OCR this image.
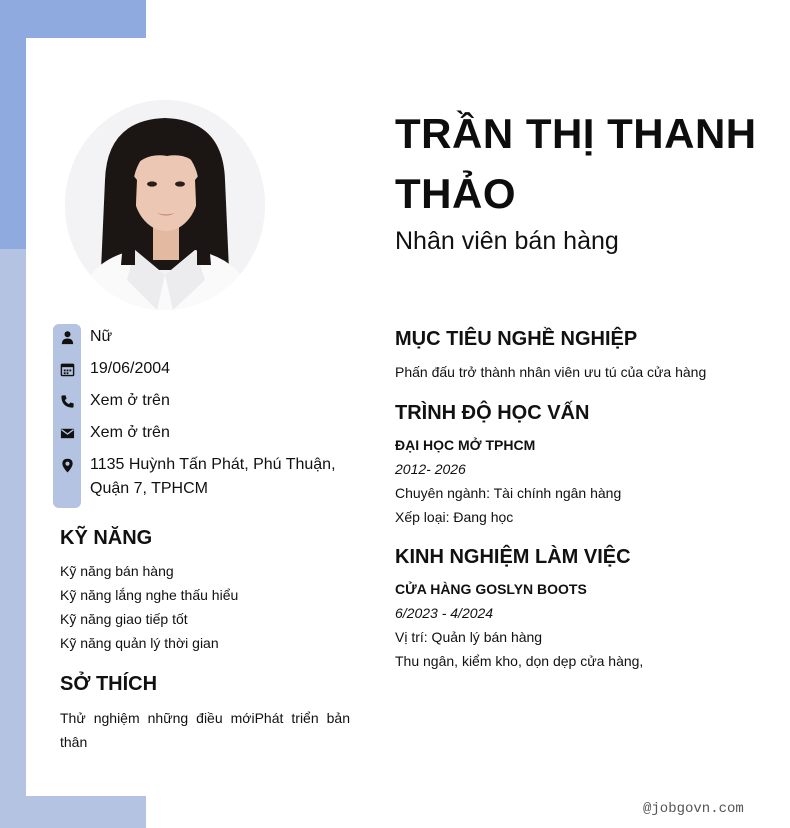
TRẦN THỊ THANH THẢO
Nhân viên bán hàng
Nữ
19/06/2004
Xem ở trên
Xem ở trên
1135 Huỳnh Tấn Phát, Phú Thuận, Quận 7, TPHCM
KỸ NĂNG
Kỹ năng bán hàng
Kỹ năng lắng nghe thấu hiểu
Kỹ năng giao tiếp tốt
Kỹ năng quản lý thời gian
SỞ THÍCH
Thử nghiệm những điều mớiPhát triển bản thân
MỤC TIÊU NGHỀ NGHIỆP
Phấn đấu trở thành nhân viên ưu tú của cửa hàng
TRÌNH ĐỘ HỌC VẤN
ĐẠI HỌC MỞ TPHCM
2012- 2026
Chuyên ngành: Tài chính ngân hàng
Xếp loại: Đang học
KINH NGHIỆM LÀM VIỆC
CỬA HÀNG GOSLYN BOOTS
6/2023 - 4/2024
Vị trí: Quản lý bán hàng
Thu ngân, kiểm kho, dọn dẹp cửa hàng,
@jobgovn.com
